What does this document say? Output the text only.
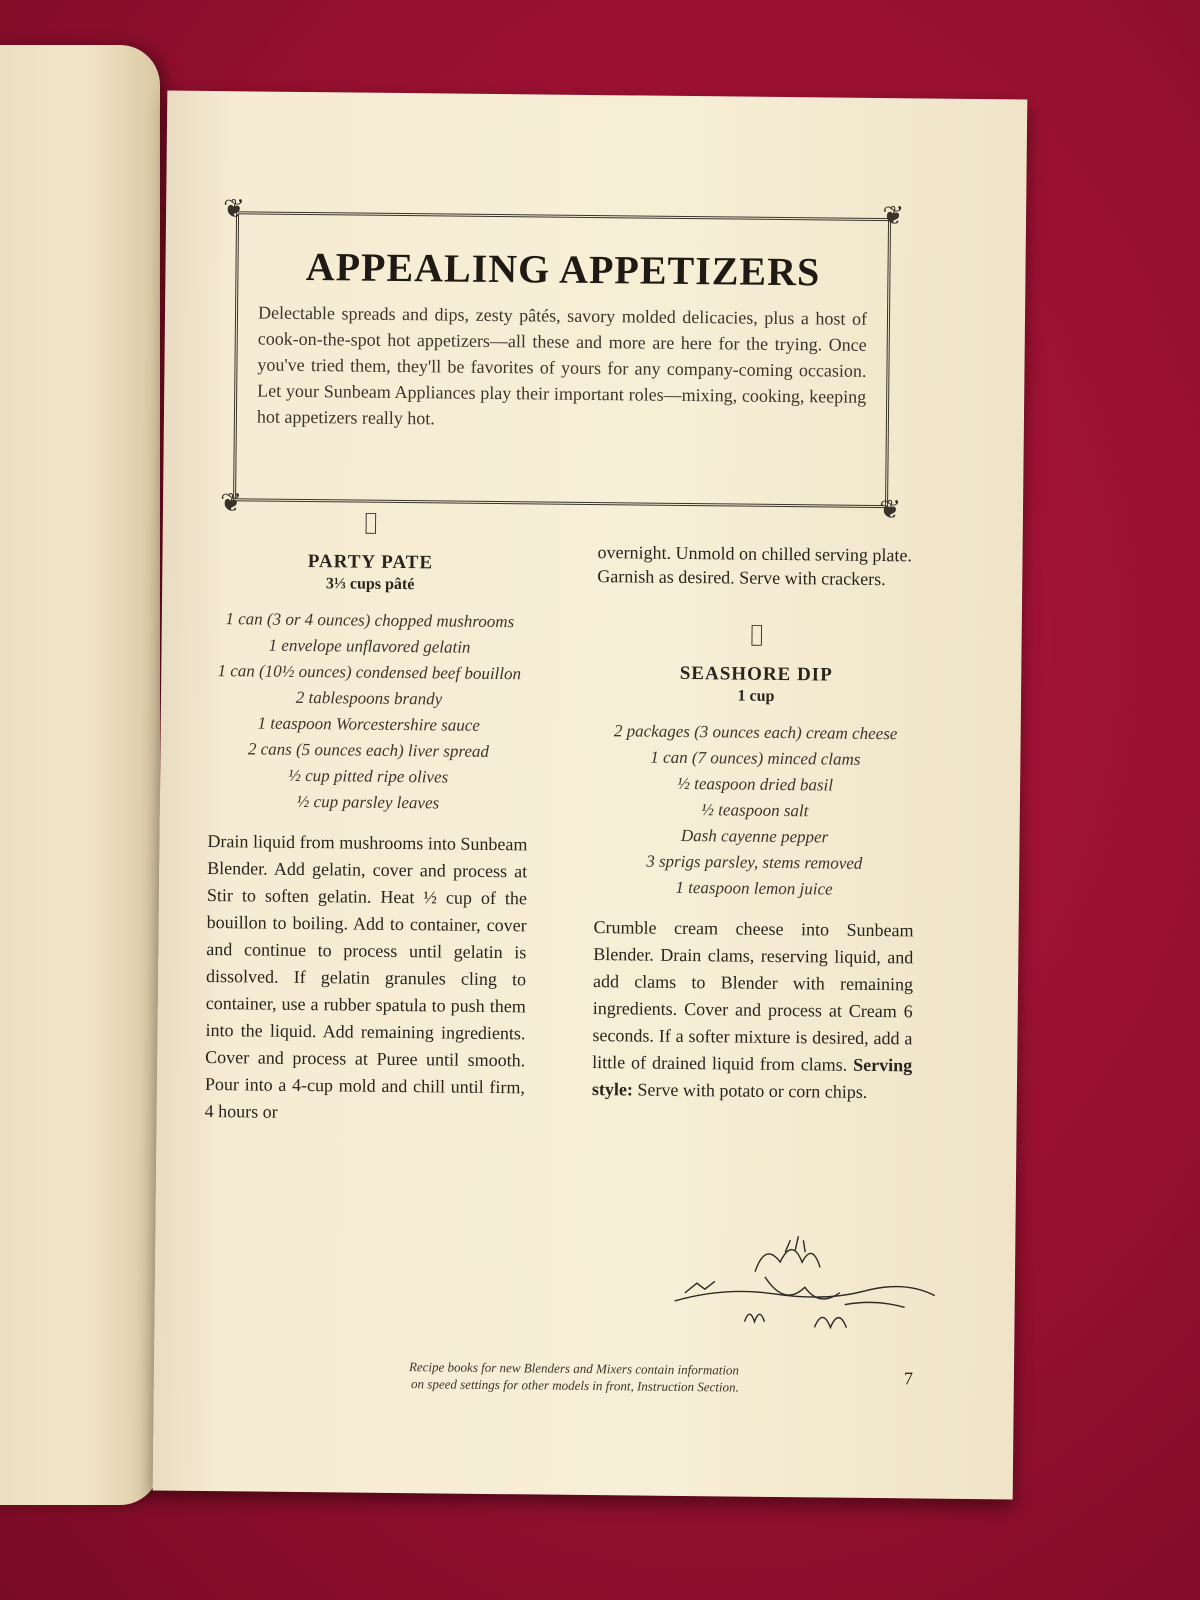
❦	❦
❦	❦
APPEALING APPETIZERS

Delectable spreads and dips, zesty pâtés, savory molded delicacies, plus a host of cook-on-the-spot hot appetizers—all these and more are here for the trying. Once you've tried them, they'll be favorites of yours for any company-coming occasion. Let your Sunbeam Appliances play their important roles—mixing, cooking, keeping hot appetizers really hot.

⌷
PARTY PATE
3⅓ cups pâté
1 can (3 or 4 ounces) chopped mushrooms
1 envelope unflavored gelatin
1 can (10½ ounces) condensed beef bouillon
2 tablespoons brandy
1 teaspoon Worcestershire sauce
2 cans (5 ounces each) liver spread
½ cup pitted ripe olives
½ cup parsley leaves

Drain liquid from mushrooms into Sunbeam Blender. Add gelatin, cover and process at Stir to soften gelatin. Heat ½ cup of the bouillon to boiling. Add to container, cover and continue to process until gelatin is dissolved. If gelatin granules cling to container, use a rubber spatula to push them into the liquid. Add remaining ingredients. Cover and process at Puree until smooth. Pour into a 4-cup mold and chill until firm, 4 hours or

overnight. Unmold on chilled serving plate. Garnish as desired. Serve with crackers.

⌷
SEASHORE DIP
1 cup
2 packages (3 ounces each) cream cheese
1 can (7 ounces) minced clams
½ teaspoon dried basil
½ teaspoon salt
Dash cayenne pepper
3 sprigs parsley, stems removed
1 teaspoon lemon juice

Crumble cream cheese into Sunbeam Blender. Drain clams, reserving liquid, and add clams to Blender with remaining ingredients. Cover and process at Cream 6 seconds. If a softer mixture is desired, add a little of drained liquid from clams. Serving style: Serve with potato or corn chips.

Recipe books for new Blenders and Mixers contain information on speed settings for other models in front, Instruction Section.	7
